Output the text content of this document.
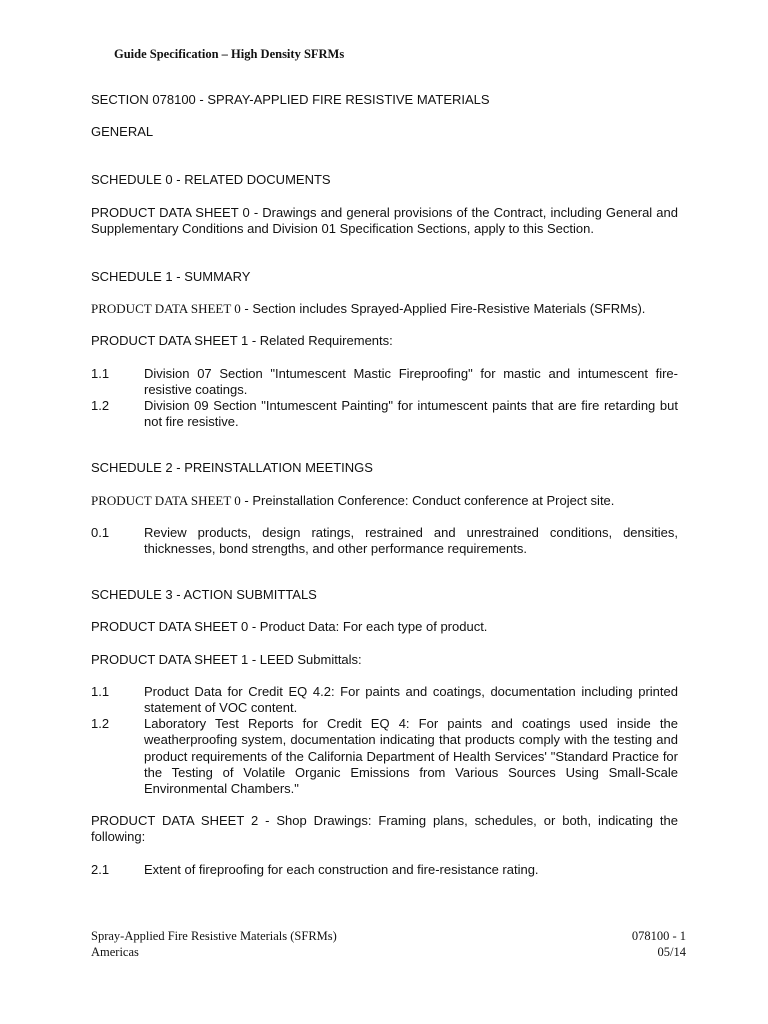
Guide Specification – High Density SFRMs
SECTION 078100 - SPRAY-APPLIED FIRE RESISTIVE MATERIALS
GENERAL
SCHEDULE 0 - RELATED DOCUMENTS
PRODUCT DATA SHEET 0 - Drawings and general provisions of the Contract, including General and Supplementary Conditions and Division 01 Specification Sections, apply to this Section.
SCHEDULE 1 - SUMMARY
PRODUCT DATA SHEET 0 - Section includes Sprayed-Applied Fire-Resistive Materials (SFRMs).
PRODUCT DATA SHEET 1 - Related Requirements:
1.1	Division 07 Section "Intumescent Mastic Fireproofing" for mastic and intumescent fire-resistive coatings.
1.2	Division 09 Section "Intumescent Painting" for intumescent paints that are fire retarding but not fire resistive.
SCHEDULE 2 - PREINSTALLATION MEETINGS
PRODUCT DATA SHEET 0 - Preinstallation Conference: Conduct conference at Project site.
0.1	Review products, design ratings, restrained and unrestrained conditions, densities, thicknesses, bond strengths, and other performance requirements.
SCHEDULE 3 - ACTION SUBMITTALS
PRODUCT DATA SHEET 0 - Product Data: For each type of product.
PRODUCT DATA SHEET 1 - LEED Submittals:
1.1	Product Data for Credit EQ 4.2: For paints and coatings, documentation including printed statement of VOC content.
1.2	Laboratory Test Reports for Credit EQ 4: For paints and coatings used inside the weatherproofing system, documentation indicating that products comply with the testing and product requirements of the California Department of Health Services' "Standard Practice for the Testing of Volatile Organic Emissions from Various Sources Using Small-Scale Environmental Chambers."
PRODUCT DATA SHEET 2 - Shop Drawings: Framing plans, schedules, or both, indicating the following:
2.1	Extent of fireproofing for each construction and fire-resistance rating.
Spray-Applied Fire Resistive Materials (SFRMs)
Americas
078100 - 1
05/14
